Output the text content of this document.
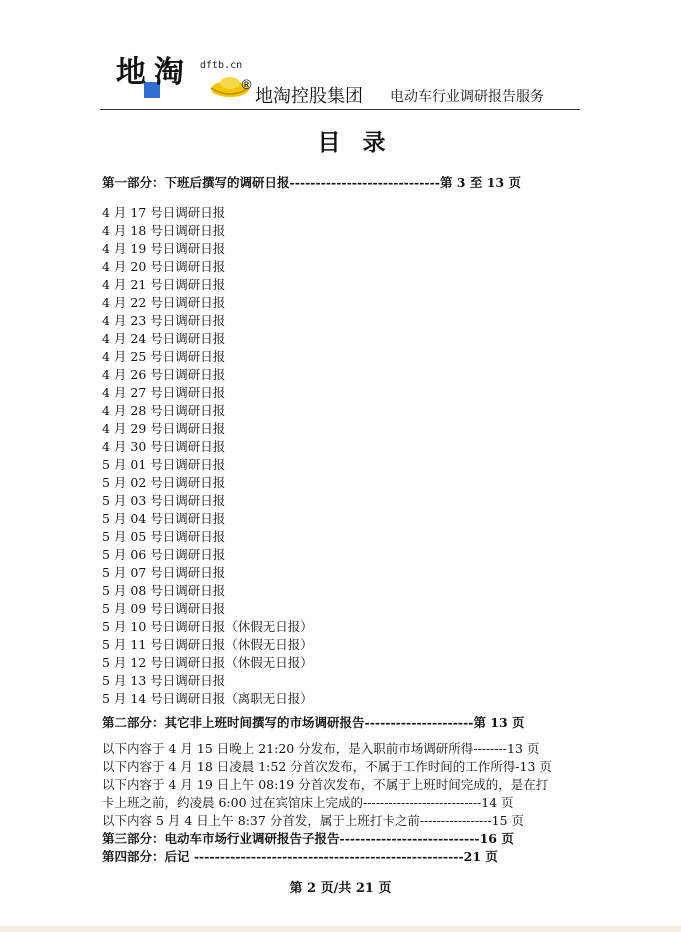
地 淘 dftb.cn
®
地淘控股集团 电动车行业调研报告服务
目录
第一部分：下班后撰写的调研日报-----------------------------第 3 至 13 页
4 月 17 号日调研日报
4 月 18 号日调研日报
4 月 19 号日调研日报
4 月 20 号日调研日报
4 月 21 号日调研日报
4 月 22 号日调研日报
4 月 23 号日调研日报
4 月 24 号日调研日报
4 月 25 号日调研日报
4 月 26 号日调研日报
4 月 27 号日调研日报
4 月 28 号日调研日报
4 月 29 号日调研日报
4 月 30 号日调研日报
5 月 01 号日调研日报
5 月 02 号日调研日报
5 月 03 号日调研日报
5 月 04 号日调研日报
5 月 05 号日调研日报
5 月 06 号日调研日报
5 月 07 号日调研日报
5 月 08 号日调研日报
5 月 09 号日调研日报
5 月 10 号日调研日报（休假无日报）
5 月 11 号日调研日报（休假无日报）
5 月 12 号日调研日报（休假无日报）
5 月 13 号日调研日报
5 月 14 号日调研日报（离职无日报）
第二部分：其它非上班时间撰写的市场调研报告---------------------第 13 页
以下内容于 4 月 15 日晚上 21:20 分发布，是入职前市场调研所得--------13 页
以下内容于 4 月 18 日凌晨 1:52 分首次发布，不属于工作时间的工作所得-13 页
以下内容于 4 月 19 日上午 08:19 分首次发布，不属于上班时间完成的，是在打
卡上班之前，约凌晨 6:00 过在宾馆床上完成的----------------------------14 页
以下内容 5 月 4 日上午 8:37 分首发，属于上班打卡之前-----------------15 页
第三部分：电动车市场行业调研报告子报告---------------------------16 页
第四部分：后记 ----------------------------------------------------21 页
第 2 页/共 21 页
